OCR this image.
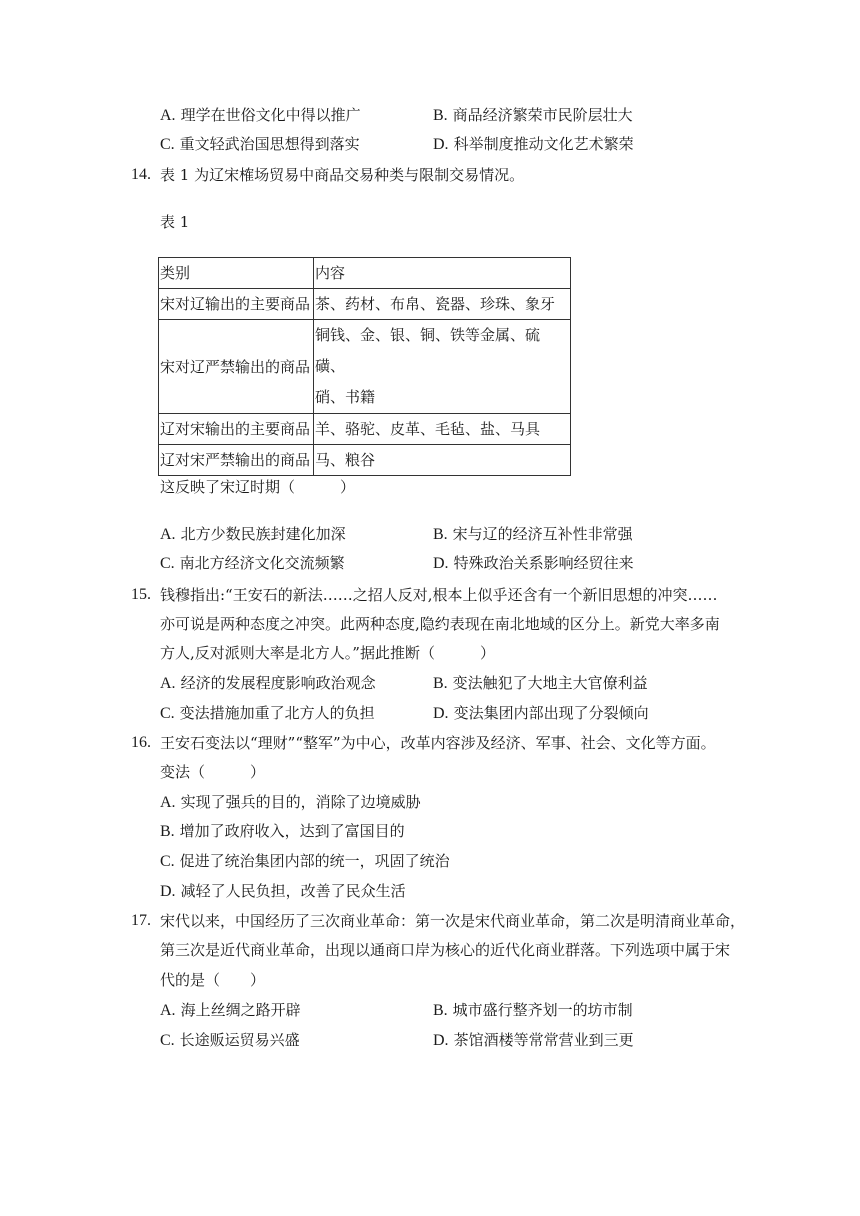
A. 理学在世俗文化中得以推广	B. 商品经济繁荣市民阶层壮大
C. 重文轻武治国思想得到落实	D. 科举制度推动文化艺术繁荣
14. 表 1 为辽宋榷场贸易中商品交易种类与限制交易情况。
表 1
类别	内容
宋对辽输出的主要商品	茶、药材、布帛、瓷器、珍珠、象牙
宋对辽严禁输出的商品	铜钱、金、银、铜、铁等金属、硫磺、
硝、书籍

辽对宋输出的主要商品	羊、骆驼、皮革、毛毡、盐、马具
辽对宋严禁输出的商品	马、粮谷
这反映了宋辽时期（　　　）
A. 北方少数民族封建化加深	B. 宋与辽的经济互补性非常强
C. 南北方经济文化交流频繁	D. 特殊政治关系影响经贸往来
15. 钱穆指出:“王安石的新法……之招人反对,根本上似乎还含有一个新旧思想的冲突……
亦可说是两种态度之冲突。此两种态度,隐约表现在南北地域的区分上。新党大率多南
方人,反对派则大率是北方人。”据此推断（　　　）
A. 经济的发展程度影响政治观念	B. 变法触犯了大地主大官僚利益
C. 变法措施加重了北方人的负担	D. 变法集团内部出现了分裂倾向
16. 王安石变法以“理财”“整军”为中心，改革内容涉及经济、军事、社会、文化等方面。
变法（　　　）
A. 实现了强兵的目的，消除了边境威胁
B. 增加了政府收入，达到了富国目的
C. 促进了统治集团内部的统一，巩固了统治
D. 减轻了人民负担，改善了民众生活
17. 宋代以来，中国经历了三次商业革命：第一次是宋代商业革命，第二次是明清商业革命，
第三次是近代商业革命，出现以通商口岸为核心的近代化商业群落。下列选项中属于宋
代的是（　　）
A. 海上丝绸之路开辟	B. 城市盛行整齐划一的坊市制
C. 长途贩运贸易兴盛	D. 茶馆酒楼等常常营业到三更
